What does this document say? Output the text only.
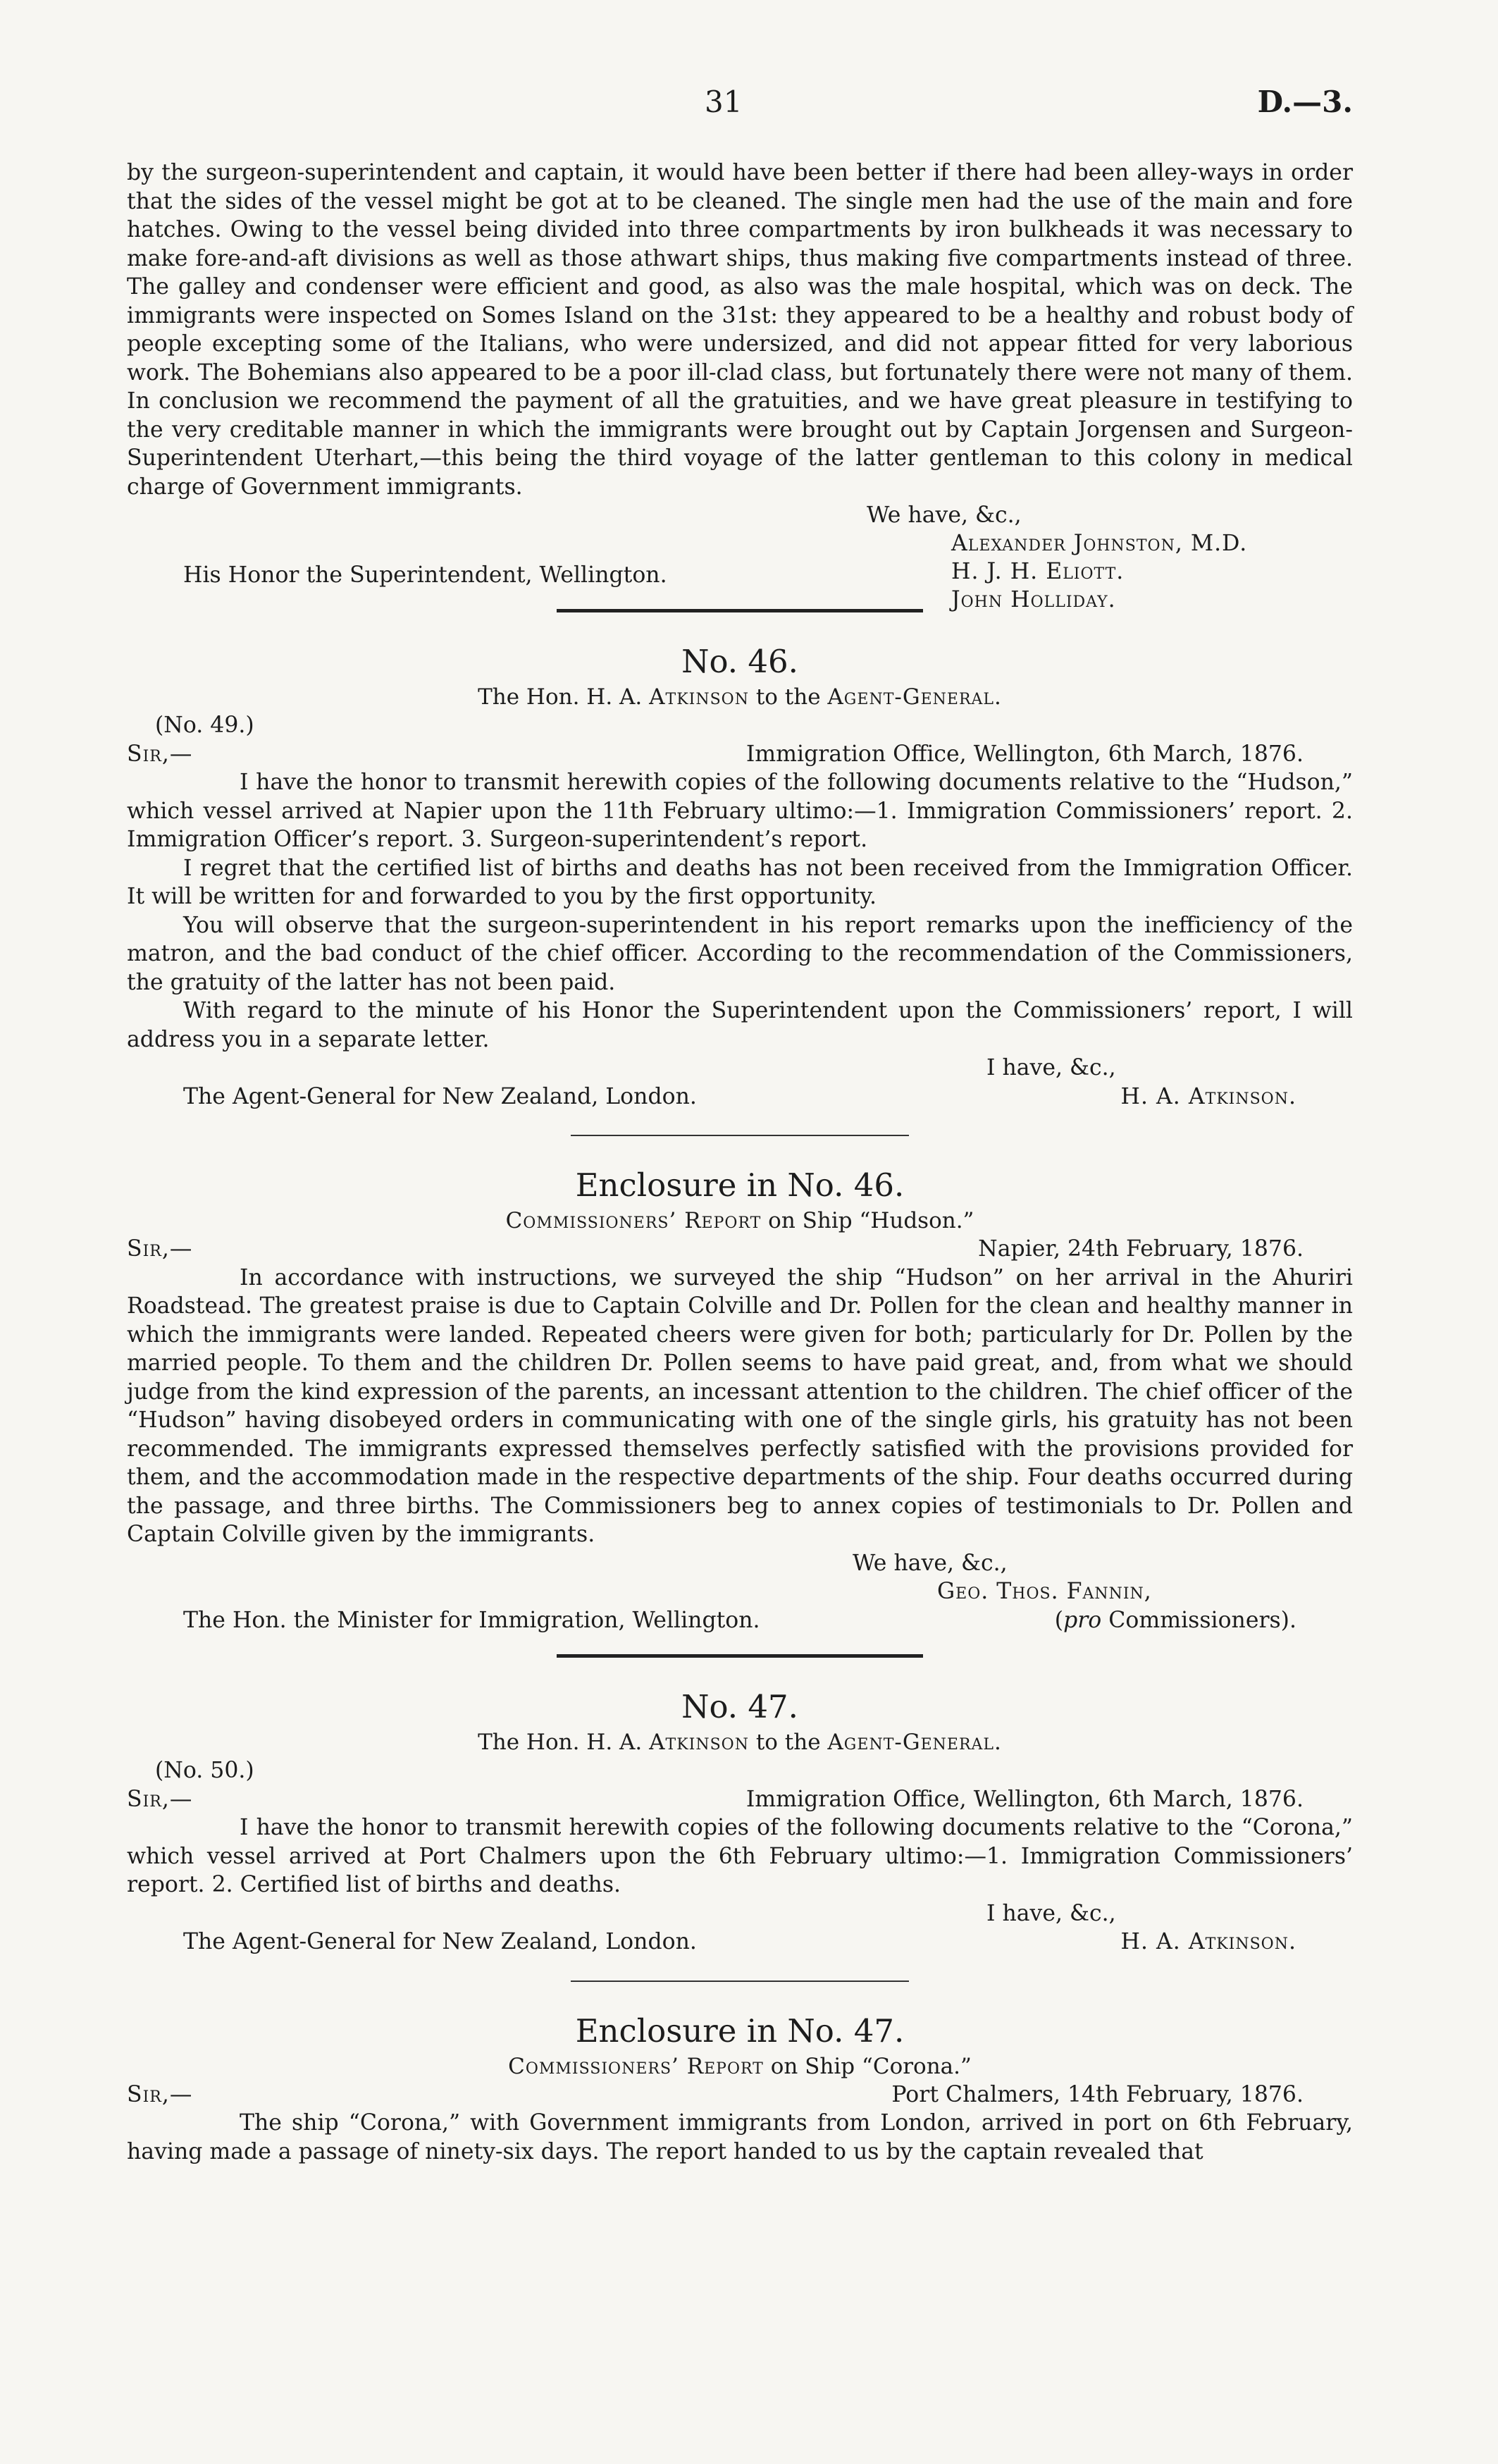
31	D.—3.

by the surgeon-superintendent and captain, it would have been better if there had been alley-ways in order that the sides of the vessel might be got at to be cleaned. The single men had the use of the main and fore hatches. Owing to the vessel being divided into three compartments by iron bulkheads it was necessary to make fore-and-aft divisions as well as those athwart ships, thus making five compartments instead of three. The galley and condenser were efficient and good, as also was the male hospital, which was on deck. The immigrants were inspected on Somes Island on the 31st: they appeared to be a healthy and robust body of people excepting some of the Italians, who were undersized, and did not appear fitted for very laborious work. The Bohemians also appeared to be a poor ill-clad class, but fortunately there were not many of them. In conclusion we recommend the payment of all the gratuities, and we have great pleasure in testifying to the very creditable manner in which the immigrants were brought out by Captain Jorgensen and Surgeon-Superintendent Uterhart,—this being the third voyage of the latter gentleman to this colony in medical charge of Government immigrants.

We have, &c.,
Alexander Johnston, M.D.
H. J. H. Eliott.
John Holliday.
His Honor the Superintendent, Wellington.
No. 46.
The Hon. H. A. Atkinson to the Agent-General.
(No. 49.)
Sir,—	Immigration Office, Wellington, 6th March, 1876.

I have the honor to transmit herewith copies of the following documents relative to the “Hudson,” which vessel arrived at Napier upon the 11th February ultimo:—1. Immigration Commissioners’ report. 2. Immigration Officer’s report. 3. Surgeon-superintendent’s report.

I regret that the certified list of births and deaths has not been received from the Immigration Officer. It will be written for and forwarded to you by the first opportunity.

You will observe that the surgeon-superintendent in his report remarks upon the inefficiency of the matron, and the bad conduct of the chief officer. According to the recommendation of the Commissioners, the gratuity of the latter has not been paid.

With regard to the minute of his Honor the Superintendent upon the Commissioners’ report, I will address you in a separate letter.

I have, &c.,
The Agent-General for New Zealand, London.	H. A. Atkinson.
Enclosure in No. 46.
Commissioners’ Report on Ship “Hudson.”
Sir,—	Napier, 24th February, 1876.

In accordance with instructions, we surveyed the ship “Hudson” on her arrival in the Ahuriri Roadstead. The greatest praise is due to Captain Colville and Dr. Pollen for the clean and healthy manner in which the immigrants were landed. Repeated cheers were given for both; particularly for Dr. Pollen by the married people. To them and the children Dr. Pollen seems to have paid great, and, from what we should judge from the kind expression of the parents, an incessant attention to the children. The chief officer of the “Hudson” having disobeyed orders in communicating with one of the single girls, his gratuity has not been recommended. The immigrants expressed themselves perfectly satisfied with the provisions provided for them, and the accommodation made in the respective departments of the ship. Four deaths occurred during the passage, and three births. The Commissioners beg to annex copies of testimonials to Dr. Pollen and Captain Colville given by the immigrants.

We have, &c.,
Geo. Thos. Fannin,
The Hon. the Minister for Immigration, Wellington.	(pro Commissioners).
No. 47.
The Hon. H. A. Atkinson to the Agent-General.
(No. 50.)
Sir,—	Immigration Office, Wellington, 6th March, 1876.

I have the honor to transmit herewith copies of the following documents relative to the “Corona,” which vessel arrived at Port Chalmers upon the 6th February ultimo:—1. Immigration Commissioners’ report. 2. Certified list of births and deaths.

I have, &c.,
The Agent-General for New Zealand, London.	H. A. Atkinson.
Enclosure in No. 47.
Commissioners’ Report on Ship “Corona.”
Sir,—	Port Chalmers, 14th February, 1876.

The ship “Corona,” with Government immigrants from London, arrived in port on 6th February, having made a passage of ninety-six days. The report handed to us by the captain revealed that
